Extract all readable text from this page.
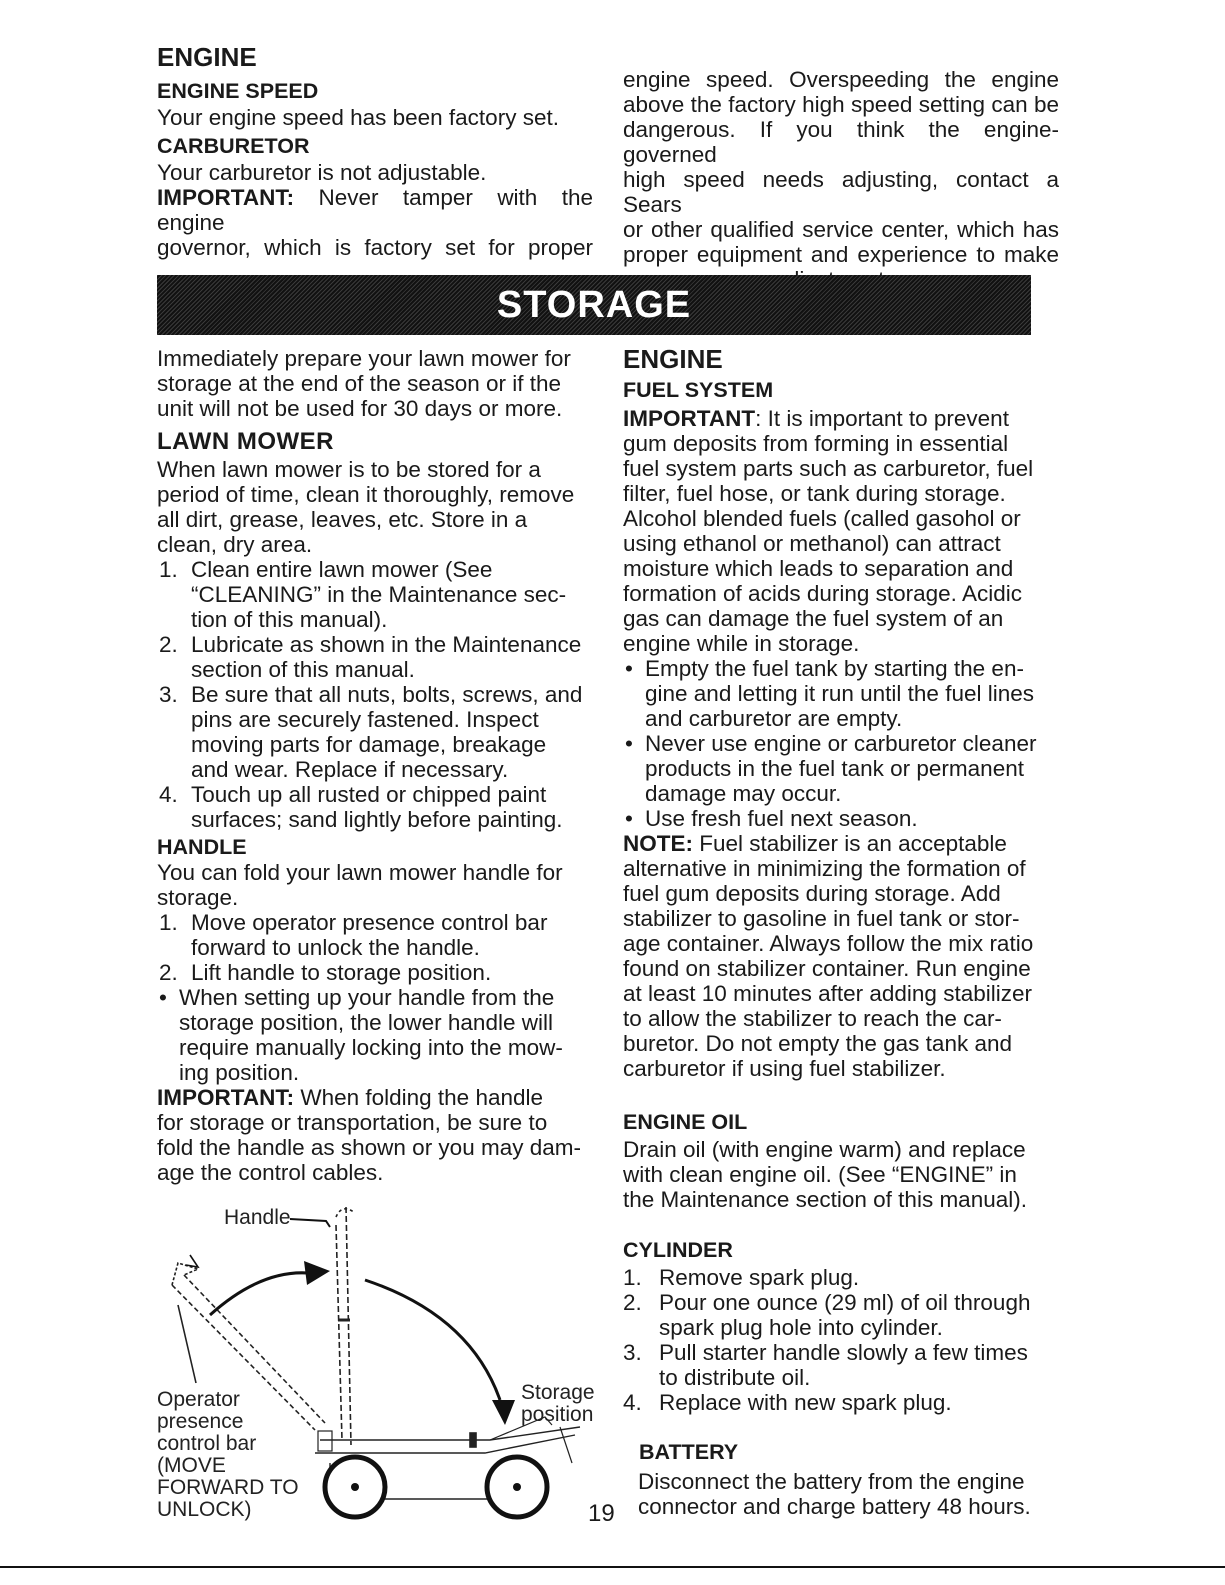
ENGINE
ENGINE SPEED
Your engine speed has been factory set.
CARBURETOR
Your carburetor is not adjustable.
IMPORTANT: Never tamper with the engine
governor, which is factory set for proper
engine speed. Overspeeding the engine
above the factory high speed setting can be
dangerous. If you think the engine-governed
high speed needs adjusting, contact a Sears
or other qualified service center, which has
proper equipment and experience to make
STORAGE
Immediately prepare your lawn mower for
storage at the end of the season or if the
unit will not be used for 30 days or more.
LAWN MOWER
When lawn mower is to be stored for a
period of time, clean it thoroughly, remove
all dirt, grease, leaves, etc. Store in a
clean, dry area.
1. Clean entire lawn mower (See
“CLEANING” in the Maintenance sec-
tion of this manual).
2. Lubricate as shown in the Maintenance
section of this manual.
3. Be sure that all nuts, bolts, screws, and
pins are securely fastened. Inspect
moving parts for damage, breakage
and wear. Replace if necessary.
4. Touch up all rusted or chipped paint
surfaces; sand lightly before painting.
HANDLE
You can fold your lawn mower handle for
storage.
1. Move operator presence control bar
forward to unlock the handle.
2. Lift handle to storage position.
• When setting up your handle from the
storage position, the lower handle will
require manually locking into the mow-
ing position.
IMPORTANT: When folding the handle
for storage or transportation, be sure to
fold the handle as shown or you may dam-
age the control cables.
Handle
Storage
position
Operator
presence
control bar
(MOVE
FORWARD TO
UNLOCK)
ENGINE
FUEL SYSTEM
IMPORTANT: It is important to prevent
gum deposits from forming in essential
fuel system parts such as carburetor, fuel
filter, fuel hose, or tank during storage.
Alcohol blended fuels (called gasohol or
using ethanol or methanol) can attract
moisture which leads to separation and
formation of acids during storage. Acidic
gas can damage the fuel system of an
engine while in storage.
• Empty the fuel tank by starting the en-
gine and letting it run until the fuel lines
and carburetor are empty.
• Never use engine or carburetor cleaner
products in the fuel tank or permanent
damage may occur.
• Use fresh fuel next season.
NOTE: Fuel stabilizer is an acceptable
alternative in minimizing the formation of
fuel gum deposits during storage. Add
stabilizer to gasoline in fuel tank or stor-
age container. Always follow the mix ratio
found on stabilizer container. Run engine
at least 10 minutes after adding stabilizer
to allow the stabilizer to reach the car-
buretor. Do not empty the gas tank and
carburetor if using fuel stabilizer.
ENGINE OIL
Drain oil (with engine warm) and replace
with clean engine oil. (See “ENGINE” in
the Maintenance section of this manual).
CYLINDER
1. Remove spark plug.
2. Pour one ounce (29 ml) of oil through
spark plug hole into cylinder.
3. Pull starter handle slowly a few times
to distribute oil.
4. Replace with new spark plug.
BATTERY
Disconnect the battery from the engine
connector and charge battery 48 hours.
19
